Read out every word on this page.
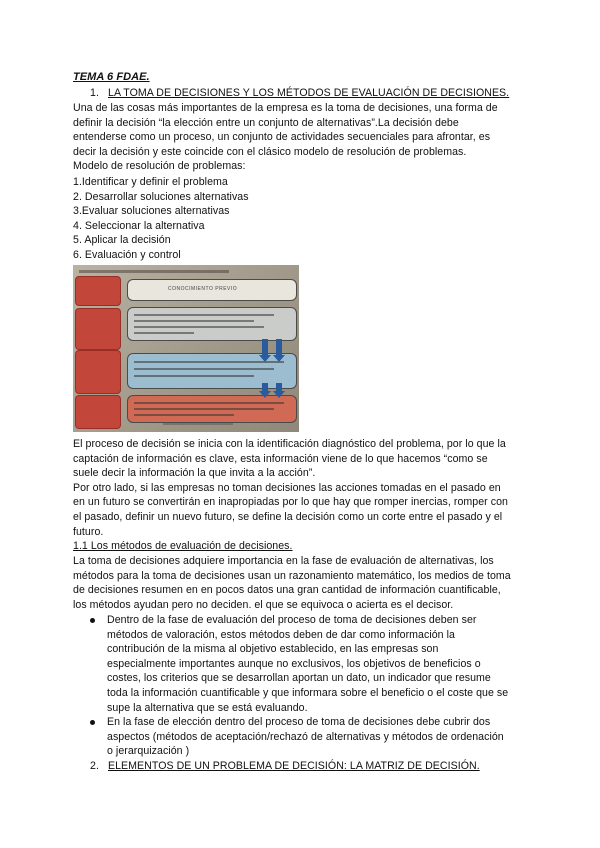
TEMA 6 FDAE.
1. LA TOMA DE DECISIONES Y LOS MÉTODOS DE EVALUACIÓN DE DECISIONES.
Una de las cosas más importantes de la empresa es la toma de decisiones, una forma de
definir la decisión “la elección entre un conjunto de alternativas”.La decisión debe
entenderse como un proceso, un conjunto de actividades secuenciales para afrontar, es
decir la decisión y este coincide con el clásico modelo de resolución de problemas.
Modelo de resolución de problemas:
1.Identificar y definir el problema
2. Desarrollar soluciones alternativas
3.Evaluar soluciones alternativas
4. Seleccionar la alternativa
5. Aplicar la decisión
6. Evaluación y control
CONOCIMIENTO PREVIO
El proceso de decisión se inicia con la identificación diagnóstico del problema, por lo que la
captación de información es clave, esta información viene de lo que hacemos “como se
suele decir la información la que invita a la acción”.
Por otro lado, si las empresas no toman decisiones las acciones tomadas en el pasado en
en un futuro se convertirán en inapropiadas por lo que hay que romper inercias, romper con
el pasado, definir un nuevo futuro, se define la decisión como un corte entre el pasado y el
futuro.
1.1 Los métodos de evaluación de decisiones.
La toma de decisiones adquiere importancia en la fase de evaluación de alternativas, los
métodos para la toma de decisiones usan un razonamiento matemático, los medios de toma
de decisiones resumen en en pocos datos una gran cantidad de información cuantificable,
los métodos ayudan pero no deciden. el que se equivoca o acierta es el decisor.
Dentro de la fase de evaluación del proceso de toma de decisiones deben ser
métodos de valoración, estos métodos deben de dar como información la
contribución de la misma al objetivo establecido, en las empresas son
especialmente importantes aunque no exclusivos, los objetivos de beneficios o
costes, los criterios que se desarrollan aportan un dato, un indicador que resume
toda la información cuantificable y que informara sobre el beneficio o el coste que se
supe la alternativa que se está evaluando.
En la fase de elección dentro del proceso de toma de decisiones debe cubrir dos
aspectos (métodos de aceptación/rechazó de alternativas y métodos de ordenación
o jerarquización )
2. ELEMENTOS DE UN PROBLEMA DE DECISIÓN: LA MATRIZ DE DECISIÓN.
